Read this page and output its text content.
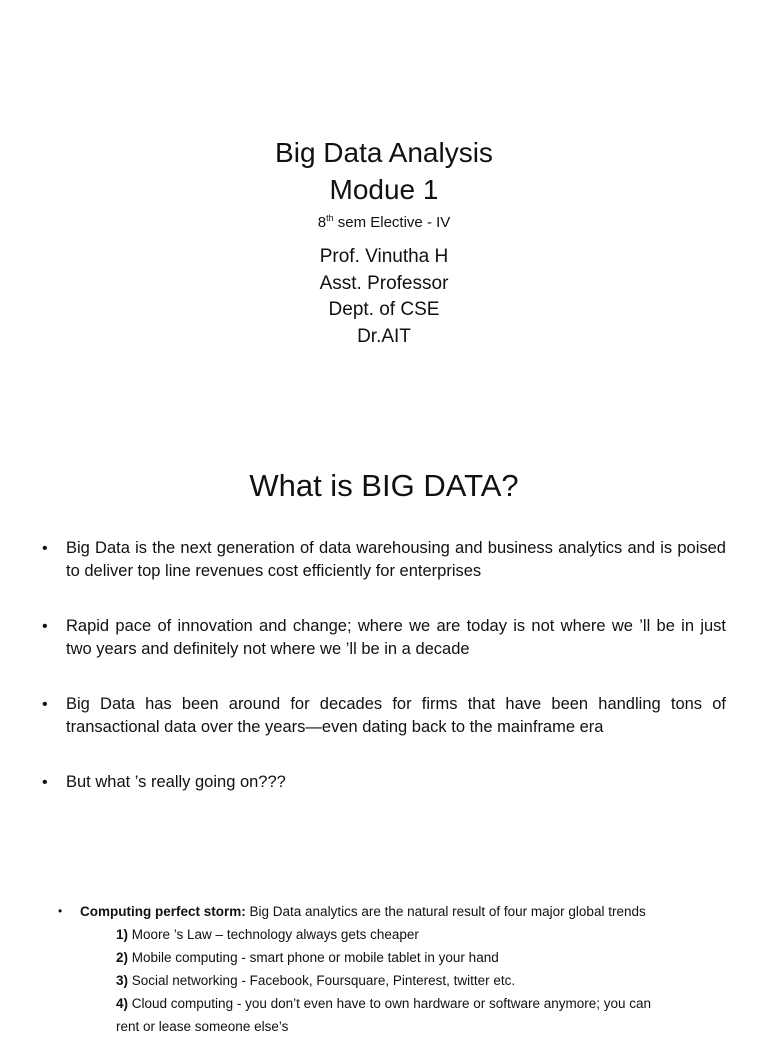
Big Data Analysis
Modue 1
8th sem Elective - IV
Prof. Vinutha H
Asst. Professor
Dept. of CSE
Dr.AIT
What is BIG DATA?
• Big Data is the next generation of data warehousing and business analytics and is poised to deliver top line revenues cost efficiently for enterprises
• Rapid pace of innovation and change; where we are today is not where we ’ll be in just two years and definitely not where we ’ll be in a decade
• Big Data has been around for decades for firms that have been handling tons of transactional data over the years—even dating back to the mainframe era
• But what ’s really going on???
• Computing perfect storm: Big Data analytics are the natural result of four major global trends
1) Moore ’s Law – technology always gets cheaper
2) Mobile computing - smart phone or mobile tablet in your hand
3) Social networking - Facebook, Foursquare, Pinterest, twitter etc.
4) Cloud computing - you don’t even have to own hardware or software anymore; you can
rent or lease someone else’s
